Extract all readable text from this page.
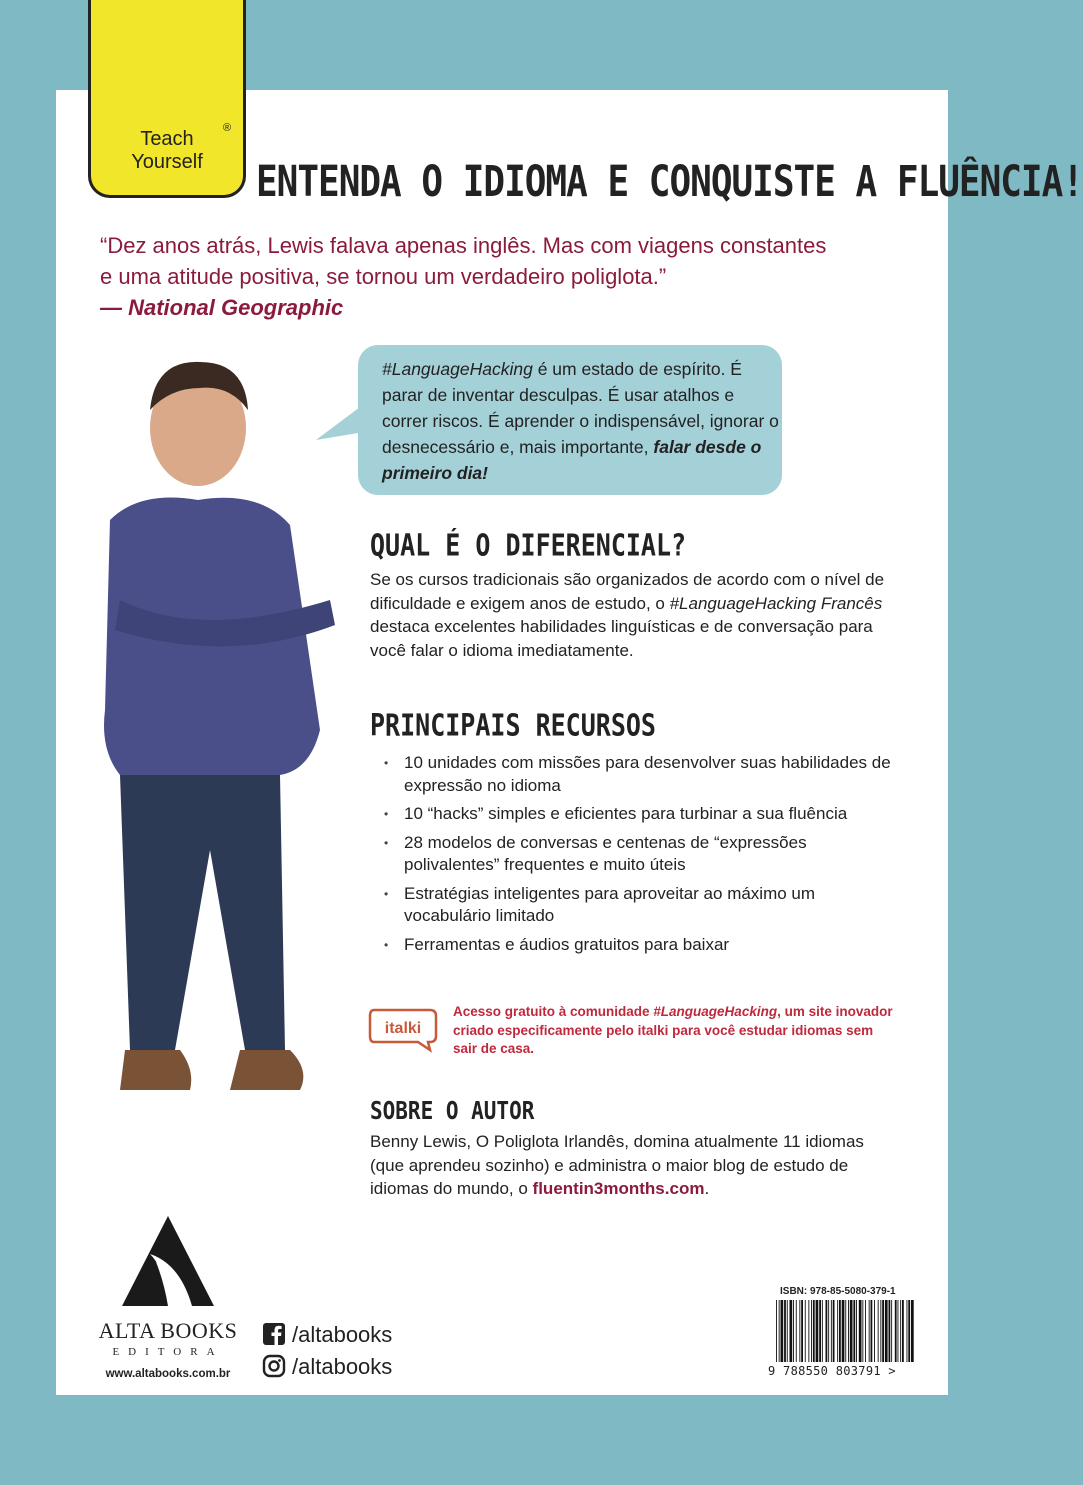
®
Teach
Yourself	ENTENDA O IDIOMA E CONQUISTE A FLUÊNCIA!
“Dez anos atrás, Lewis falava apenas inglês. Mas com viagens constantes
e uma atitude positiva, se tornou um verdadeiro poliglota.”
— National Geographic
#LanguageHacking é um estado de espírito. É parar de inventar desculpas. É usar atalhos e correr riscos. É aprender o indispensável, ignorar o desnecessário e, mais importante, falar desde o primeiro dia!
QUAL É O DIFERENCIAL?
Se os cursos tradicionais são organizados de acordo com o nível de dificuldade e exigem anos de estudo, o #LanguageHacking Francês destaca excelentes habilidades linguísticas e de conversação para você falar o idioma imediatamente.
PRINCIPAIS RECURSOS
• 10 unidades com missões para desenvolver suas habilidades de expressão no idioma
• 10 “hacks” simples e eficientes para turbinar a sua fluência
• 28 modelos de conversas e centenas de “expressões polivalentes” frequentes e muito úteis
• Estratégias inteligentes para aproveitar ao máximo um vocabulário limitado
• Ferramentas e áudios gratuitos para baixar
italki
Acesso gratuito à comunidade #LanguageHacking, um site inovador criado especificamente pelo italki para você estudar idiomas sem sair de casa.
SOBRE O AUTOR
Benny Lewis, O Poliglota Irlandês, domina atualmente 11 idiomas (que aprendeu sozinho) e administra o maior blog de estudo de idiomas do mundo, o fluentin3months.com.
ALTA BOOKS
EDITORA
www.altabooks.com.br
/altabooks
/altabooks
ISBN: 978-85-5080-379-1
9 788550 803791 >
